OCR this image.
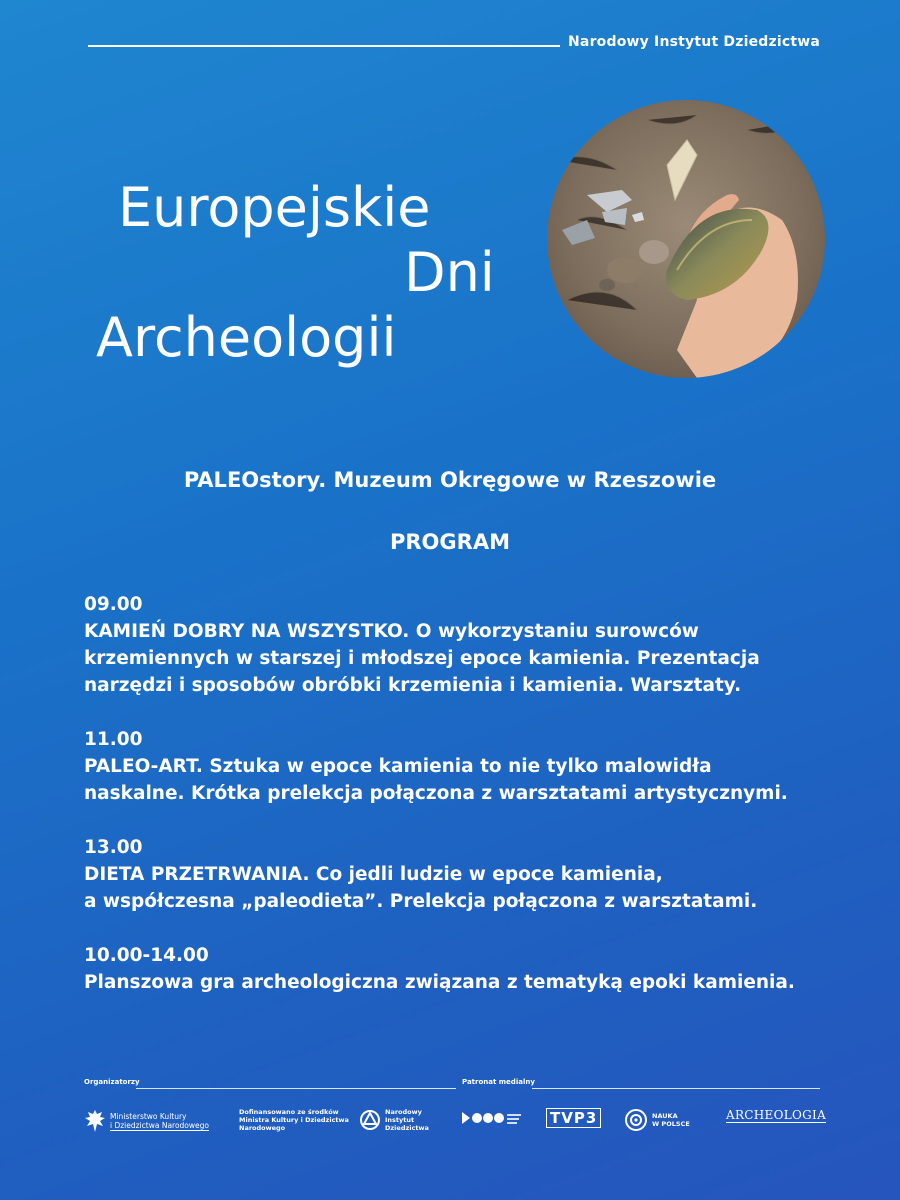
Narodowy Instytut Dziedzictwa
Europejskie
Dni
Archeologii
PALEOstory. Muzeum Okręgowe w Rzeszowie
PROGRAM
09.00
KAMIEŃ DOBRY NA WSZYSTKO. O wykorzystaniu surowców
krzemiennych w starszej i młodszej epoce kamienia. Prezentacja
narzędzi i sposobów obróbki krzemienia i kamienia. Warsztaty.
11.00
PALEO-ART. Sztuka w epoce kamienia to nie tylko malowidła
naskalne. Krótka prelekcja połączona z warsztatami artystycznymi.
13.00
DIETA PRZETRWANIA. Co jedli ludzie w epoce kamienia,
a współczesna „paleodieta”. Prelekcja połączona z warsztatami.
10.00-14.00
Planszowa gra archeologiczna związana z tematyką epoki kamienia.
Organizatorzy	Patronat medialny
Ministerstwo Kultury
i Dziedzictwa Narodowego
Dofinansowano ze środków
Ministra Kultury i Dziedzictwa
Narodowego
Narodowy
Instytut
Dziedzictwa
TVP3	NAUKA
W POLSCE
ARCHEOLOGIA
